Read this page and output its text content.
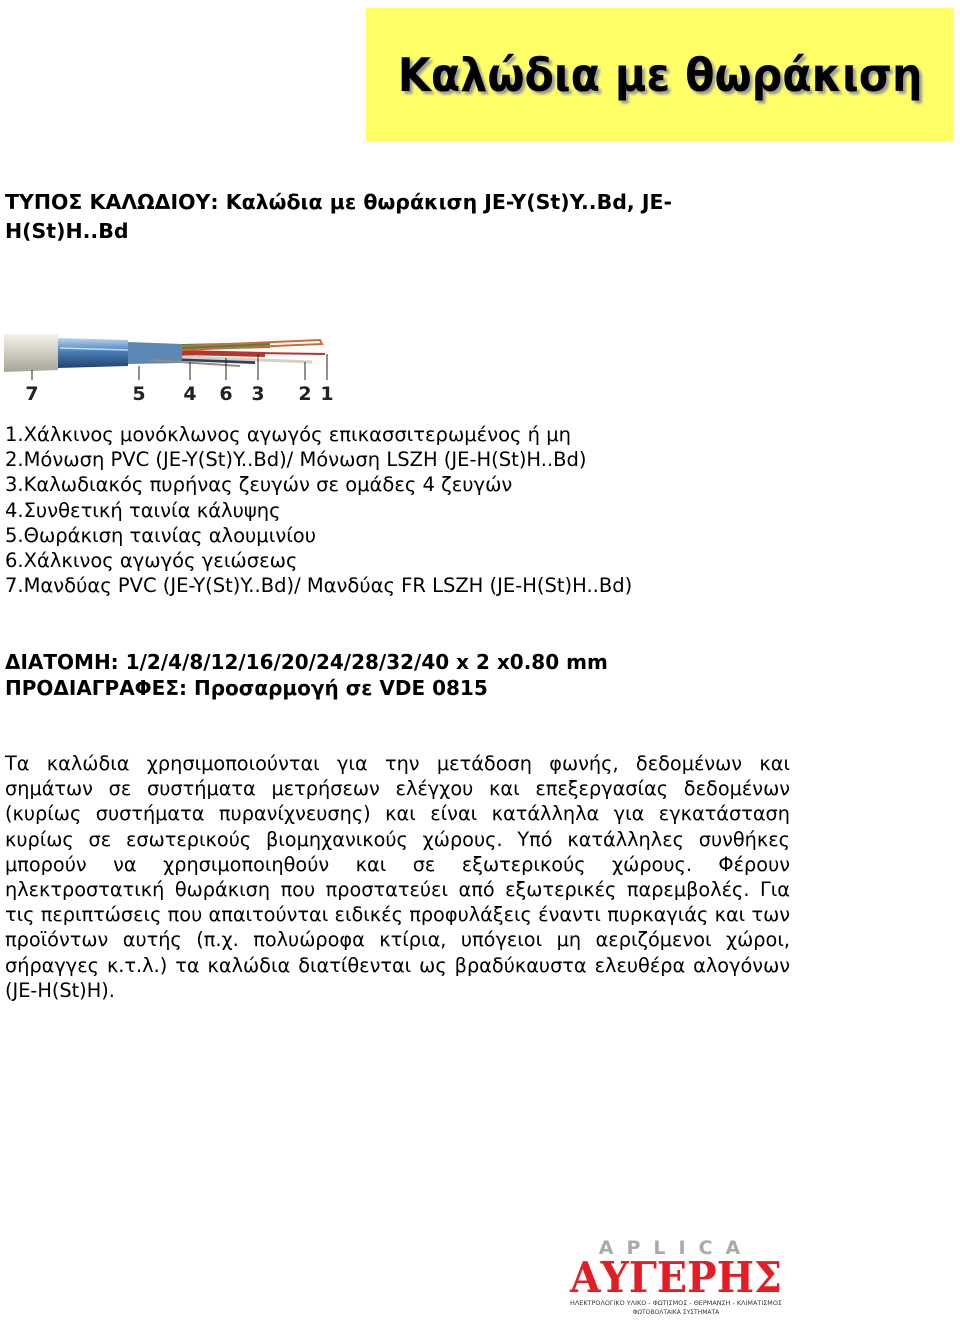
Καλώδια με θωράκιση
ΤΥΠΟΣ ΚΑΛΩΔΙΟΥ: Καλώδια με θωράκιση JE-Y(St)Y..Bd, JE-H(St)H..Bd
7	5 4 6 3 2 1
1.Χάλκινος μονόκλωνος αγωγός επικασσιτερωμένος ή μη
2.Μόνωση PVC (JE-Y(St)Y..Bd)/ Μόνωση LSZH (JE-H(St)H..Bd)
3.Καλωδιακός πυρήνας ζευγών σε ομάδες 4 ζευγών
4.Συνθετική ταινία κάλυψης
5.Θωράκιση ταινίας αλουμινίου
6.Χάλκινος αγωγός γειώσεως
7.Μανδύας PVC (JE-Y(St)Y..Bd)/ Μανδύας FR LSZH (JE-H(St)H..Bd)
ΔΙΑΤΟΜΗ: 1/2/4/8/12/16/20/24/28/32/40 x 2 x0.80 mm
ΠΡΟΔΙΑΓΡΑΦΕΣ: Προσαρμογή σε VDE 0815

Τα καλώδια χρησιμοποιούνται για την μετάδοση φωνής, δεδομένων και σημάτων σε συστήματα μετρήσεων ελέγχου και επεξεργασίας δεδομένων (κυρίως συστήματα πυρανίχνευσης) και είναι κατάλληλα για εγκατάσταση κυρίως σε εσωτερικούς βιομηχανικούς χώρους. Υπό κατάλληλες συνθήκες μπορούν να χρησιμοποιηθούν και σε εξωτερικούς χώρους. Φέρουν ηλεκτροστατική θωράκιση που προστατεύει από εξωτερικές παρεμβολές. Για τις περιπτώσεις που απαιτούνται ειδικές προφυλάξεις έναντι πυρκαγιάς και των προϊόντων αυτής (π.χ. πολυώροφα κτίρια, υπόγειοι μη αεριζόμενοι χώροι, σήραγγες κ.τ.λ.) τα καλώδια διατίθενται ως βραδύκαυστα ελευθέρα αλογόνων (JE-H(St)H).

APLICA
ΑΥΓΕΡΗΣ
ΗΛΕΚΤΡΟΛΟΓΙΚΟ ΥΛΙΚΟ - ΦΩΤΙΣΜΟΣ - ΘΕΡΜΑΝΣΗ - ΚΛΙΜΑΤΙΣΜΟΣ
ΦΩΤΟΒΟΛΤΑΙΚΑ ΣΥΣΤΗΜΑΤΑ
